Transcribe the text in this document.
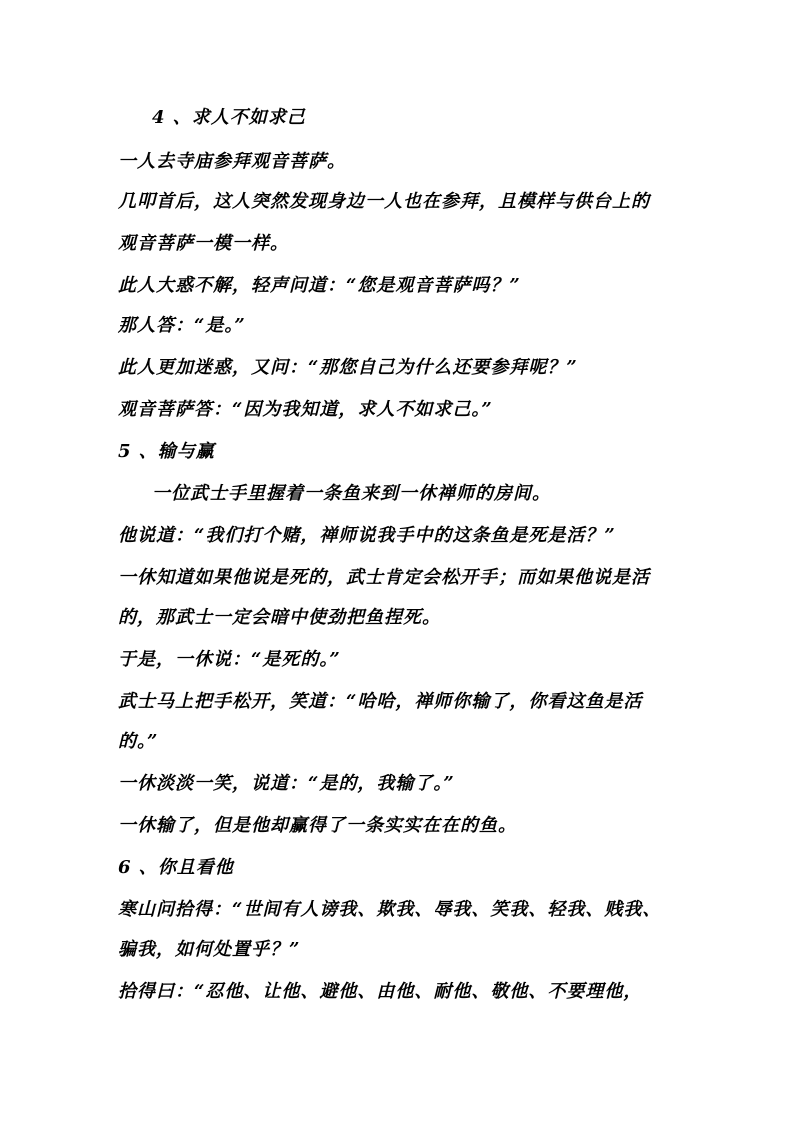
4 、求人不如求己
一人去寺庙参拜观音菩萨。
几叩首后，这人突然发现身边一人也在参拜，且模样与供台上的
观音菩萨一模一样。
此人大惑不解，轻声问道：“您是观音菩萨吗？”
那人答：“是。”
此人更加迷惑，又问：“那您自己为什么还要参拜呢？”
观音菩萨答：“因为我知道，求人不如求己。”
5 、输与赢
一位武士手里握着一条鱼来到一休禅师的房间。
他说道：“我们打个赌，禅师说我手中的这条鱼是死是活？”
一休知道如果他说是死的，武士肯定会松开手；而如果他说是活
的，那武士一定会暗中使劲把鱼捏死。
于是，一休说：“是死的。”
武士马上把手松开，笑道：“哈哈，禅师你输了，你看这鱼是活
的。”
一休淡淡一笑，说道：“是的，我输了。”
一休输了，但是他却赢得了一条实实在在的鱼。
6 、你且看他
寒山问拾得：“世间有人谤我、欺我、辱我、笑我、轻我、贱我、
骗我，如何处置乎？”
拾得曰：“忍他、让他、避他、由他、耐他、敬他、不要理他，
